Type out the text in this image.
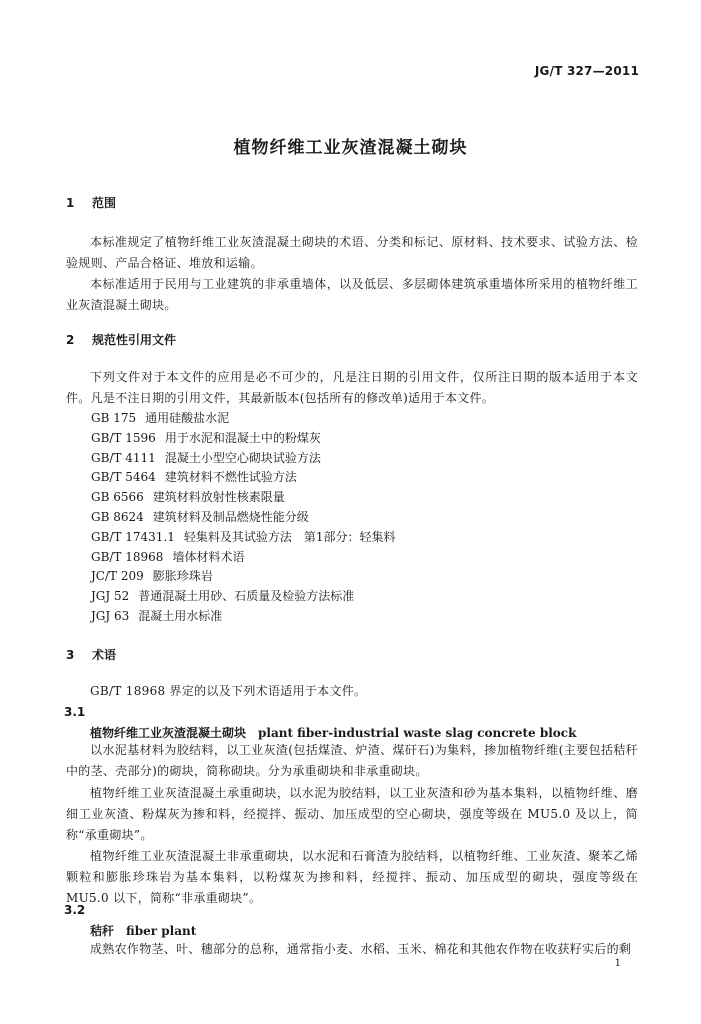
JG/T 327—2011
植物纤维工业灰渣混凝土砌块
1 范围
本标准规定了植物纤维工业灰渣混凝土砌块的术语、分类和标记、原材料、技术要求、试验方法、检验规则、产品合格证、堆放和运输。
本标准适用于民用与工业建筑的非承重墙体，以及低层、多层砌体建筑承重墙体所采用的植物纤维工业灰渣混凝土砌块。
2 规范性引用文件
下列文件对于本文件的应用是必不可少的，凡是注日期的引用文件，仅所注日期的版本适用于本文件。凡是不注日期的引用文件，其最新版本(包括所有的修改单)适用于本文件。
GB 175 通用硅酸盐水泥
GB/T 1596 用于水泥和混凝土中的粉煤灰
GB/T 4111 混凝土小型空心砌块试验方法
GB/T 5464 建筑材料不燃性试验方法
GB 6566 建筑材料放射性核素限量
GB 8624 建筑材料及制品燃烧性能分级
GB/T 17431.1 轻集料及其试验方法　第1部分：轻集料
GB/T 18968 墙体材料术语
JC/T 209 膨胀珍珠岩
JGJ 52 普通混凝土用砂、石质量及检验方法标准
JGJ 63 混凝土用水标准
3 术语
GB/T 18968 界定的以及下列术语适用于本文件。
3.1
植物纤维工业灰渣混凝土砌块 plant fiber-industrial waste slag concrete block
以水泥基材料为胶结料，以工业灰渣(包括煤渣、炉渣、煤矸石)为集料，掺加植物纤维(主要包括秸秆中的茎、壳部分)的砌块，简称砌块。分为承重砌块和非承重砌块。
植物纤维工业灰渣混凝土承重砌块，以水泥为胶结料，以工业灰渣和砂为基本集料，以植物纤维、磨细工业灰渣、粉煤灰为掺和料，经搅拌、振动、加压成型的空心砌块，强度等级在 MU5.0 及以上，简称“承重砌块”。
植物纤维工业灰渣混凝土非承重砌块，以水泥和石膏渣为胶结料，以植物纤维、工业灰渣、聚苯乙烯颗粒和膨胀珍珠岩为基本集料，以粉煤灰为掺和料，经搅拌、振动、加压成型的砌块，强度等级在 MU5.0 以下，简称“非承重砌块”。
3.2
秸秆 fiber plant
成熟农作物茎、叶、穗部分的总称，通常指小麦、水稻、玉米、棉花和其他农作物在收获籽实后的剩
1
